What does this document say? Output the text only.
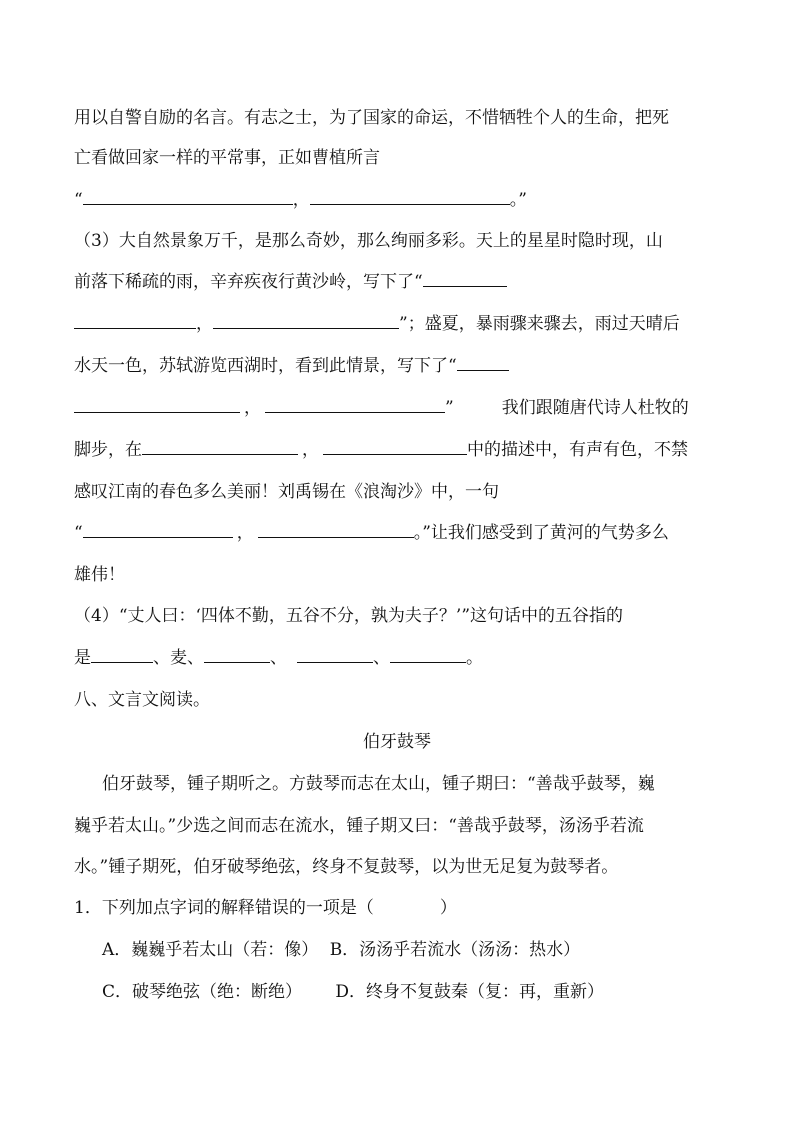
用以自警自励的名言。有志之士，为了国家的命运，不惜牺牲个人的生命，把死
亡看做回家一样的平常事，正如曹植所言
“	，	。”
（3）大自然景象万千，是那么奇妙，那么绚丽多彩。天上的星星时隐时现，山
前落下稀疏的雨，辛弃疾夜行黄沙岭，写下了“
，	”；盛夏，暴雨骤来骤去，雨过天晴后
水天一色，苏轼游览西湖时，看到此情景，写下了“
，	”	我们跟随唐代诗人杜牧的
脚步，在	，	中的描述中，有声有色，不禁
感叹江南的春色多么美丽！刘禹锡在《浪淘沙》中，一句
“	，	。”让我们感受到了黄河的气势多么
雄伟！
（4）“丈人曰：‘四体不勤，五谷不分，孰为夫子？’”这句话中的五谷指的
是	、麦、	、	、	。
八、文言文阅读。
伯牙鼓琴
伯牙鼓琴，锺子期听之。方鼓琴而志在太山，锺子期曰：“善哉乎鼓琴，巍
巍乎若太山。”少选之间而志在流水，锺子期又曰：“善哉乎鼓琴，汤汤乎若流
水。”锺子期死，伯牙破琴绝弦，终身不复鼓琴，以为世无足复为鼓琴者。
1．下列加点字词的解释错误的一项是（	）
A．巍巍乎若太山（若：像） B．汤汤乎若流水（汤汤：热水）
C．破琴绝弦（绝：断绝） D．终身不复鼓秦（复：再，重新）
